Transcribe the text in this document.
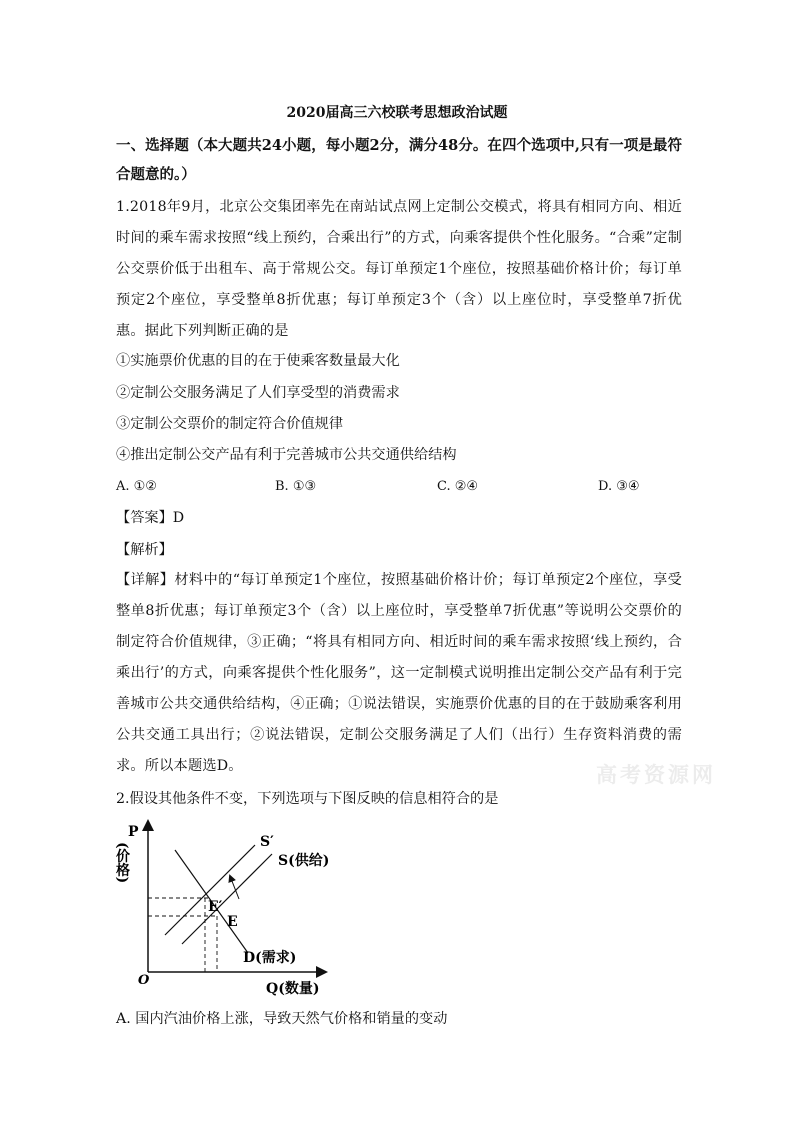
2020届高三六校联考思想政治试题
一、选择题（本大题共24小题，每小题2分，满分48分。在四个选项中,只有一项是最符合题意的。）
1.2018年9月，北京公交集团率先在南站试点网上定制公交模式，将具有相同方向、相近时间的乘车需求按照“线上预约，合乘出行”的方式，向乘客提供个性化服务。“合乘”定制公交票价低于出租车、高于常规公交。每订单预定1个座位，按照基础价格计价；每订单预定2个座位，享受整单8折优惠；每订单预定3个（含）以上座位时，享受整单7折优惠。据此下列判断正确的是
①实施票价优惠的目的在于使乘客数量最大化
②定制公交服务满足了人们享受型的消费需求
③定制公交票价的制定符合价值规律
④推出定制公交产品有利于完善城市公共交通供给结构
A. ①②	B. ①③	C. ②④	D. ③④
【答案】D
【解析】
【详解】材料中的“每订单预定1个座位，按照基础价格计价；每订单预定2个座位，享受整单8折优惠；每订单预定3个（含）以上座位时，享受整单7折优惠”等说明公交票价的制定符合价值规律，③正确；“将具有相同方向、相近时间的乘车需求按照‘线上预约，合乘出行’的方式，向乘客提供个性化服务”，这一定制模式说明推出定制公交产品有利于完善城市公共交通供给结构，④正确；①说法错误，实施票价优惠的目的在于鼓励乘客利用公共交通工具出行；②说法错误，定制公交服务满足了人们（出行）生存资料消费的需求。所以本题选D。	高考资源网
2.假设其他条件不变，下列选项与下图反映的信息相符合的是
P
(价格)
O
Q(数量)
S′
S(供给)
E′
E
D(需求)
A. 国内汽油价格上涨，导致天然气价格和销量的变动
